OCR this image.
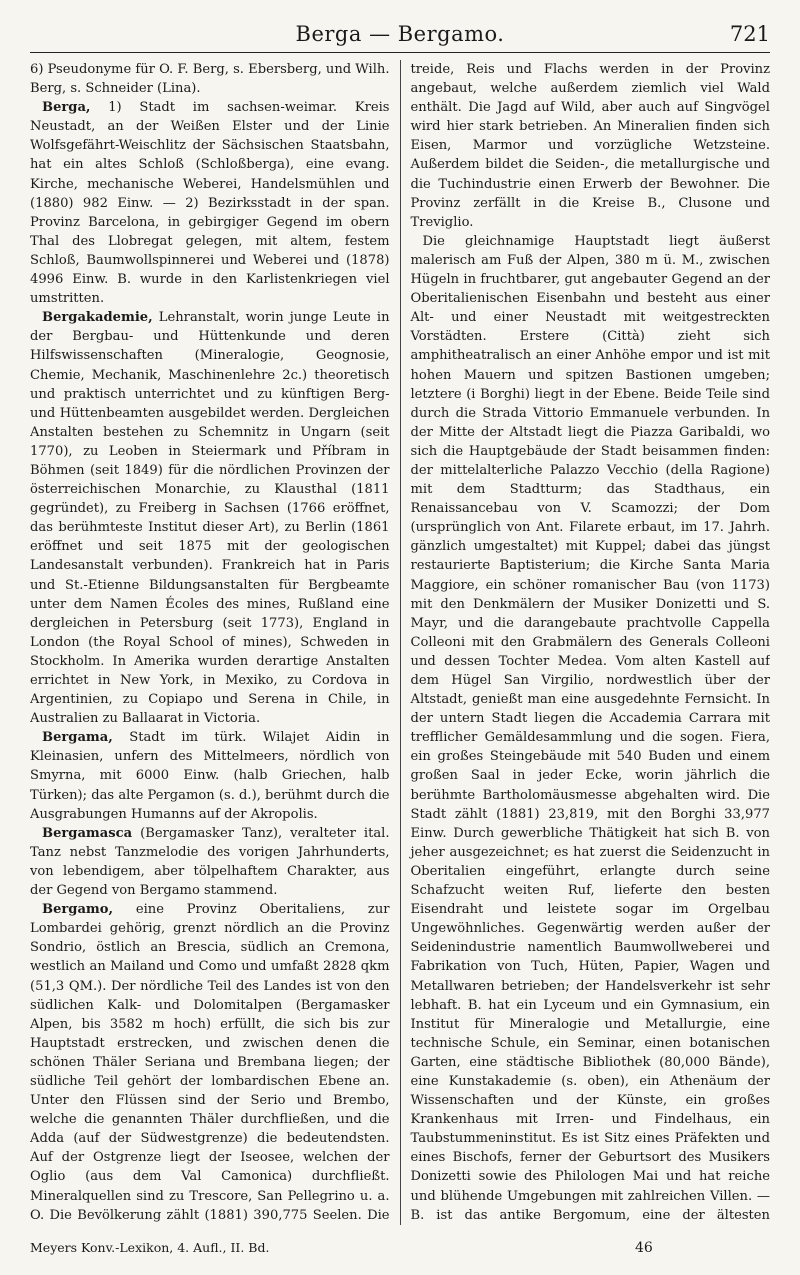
Berga — Bergamo.	721

6) Pseudonyme für O. F. Berg, s. Ebersberg, und Wilh. Berg, s. Schneider (Lina).

Berga, 1) Stadt im sachsen-weimar. Kreis Neustadt, an der Weißen Elster und der Linie Wolfsgefährt-Weischlitz der Sächsischen Staatsbahn, hat ein altes Schloß (Schloßberga), eine evang. Kirche, mechanische Weberei, Handelsmühlen und (1880) 982 Einw. — 2) Bezirksstadt in der span. Provinz Barcelona, in gebirgiger Gegend im obern Thal des Llobregat gelegen, mit altem, festem Schloß, Baumwollspinnerei und Weberei und (1878) 4996 Einw. B. wurde in den Karlistenkriegen viel umstritten.

Bergakademie, Lehranstalt, worin junge Leute in der Bergbau- und Hüttenkunde und deren Hilfswissenschaften (Mineralogie, Geognosie, Chemie, Mechanik, Maschinenlehre 2c.) theoretisch und praktisch unterrichtet und zu künftigen Berg- und Hüttenbeamten ausgebildet werden. Dergleichen Anstalten bestehen zu Schemnitz in Ungarn (seit 1770), zu Leoben in Steiermark und Příbram in Böhmen (seit 1849) für die nördlichen Provinzen der österreichischen Monarchie, zu Klausthal (1811 gegründet), zu Freiberg in Sachsen (1766 eröffnet, das berühmteste Institut dieser Art), zu Berlin (1861 eröffnet und seit 1875 mit der geologischen Landesanstalt verbunden). Frankreich hat in Paris und St.-Etienne Bildungsanstalten für Bergbeamte unter dem Namen Écoles des mines, Rußland eine dergleichen in Petersburg (seit 1773), England in London (the Royal School of mines), Schweden in Stockholm. In Amerika wurden derartige Anstalten errichtet in New York, in Mexiko, zu Cordova in Argentinien, zu Copiapo und Serena in Chile, in Australien zu Ballaarat in Victoria.

Bergama, Stadt im türk. Wilajet Aidin in Kleinasien, unfern des Mittelmeers, nördlich von Smyrna, mit 6000 Einw. (halb Griechen, halb Türken); das alte Pergamon (s. d.), berühmt durch die Ausgrabungen Humanns auf der Akropolis.

Bergamasca (Bergamasker Tanz), veralteter ital. Tanz nebst Tanzmelodie des vorigen Jahrhunderts, von lebendigem, aber tölpelhaftem Charakter, aus der Gegend von Bergamo stammend.

Bergamo, eine Provinz Oberitaliens, zur Lombardei gehörig, grenzt nördlich an die Provinz Sondrio, östlich an Brescia, südlich an Cremona, westlich an Mailand und Como und umfaßt 2828 qkm (51,3 QM.). Der nördliche Teil des Landes ist von den südlichen Kalk- und Dolomitalpen (Bergamasker Alpen, bis 3582 m hoch) erfüllt, die sich bis zur Hauptstadt erstrecken, und zwischen denen die schönen Thäler Seriana und Brembana liegen; der südliche Teil gehört der lombardischen Ebene an. Unter den Flüssen sind der Serio und Brembo, welche die genannten Thäler durchfließen, und die Adda (auf der Südwestgrenze) die bedeutendsten. Auf der Ostgrenze liegt der Iseosee, welchen der Oglio (aus dem Val Camonica) durchfließt. Mineralquellen sind zu Trescore, San Pellegrino u. a. O. Die Bevölkerung zählt (1881) 390,775 Seelen. Die

treide, Reis und Flachs werden in der Provinz angebaut, welche außerdem ziemlich viel Wald enthält. Die Jagd auf Wild, aber auch auf Singvögel wird hier stark betrieben. An Mineralien finden sich Eisen, Marmor und vorzügliche Wetzsteine. Außerdem bildet die Seiden-, die metallurgische und die Tuchindustrie einen Erwerb der Bewohner. Die Provinz zerfällt in die Kreise B., Clusone und Treviglio.

Die gleichnamige Hauptstadt liegt äußerst malerisch am Fuß der Alpen, 380 m ü. M., zwischen Hügeln in fruchtbarer, gut angebauter Gegend an der Oberitalienischen Eisenbahn und besteht aus einer Alt- und einer Neustadt mit weitgestreckten Vorstädten. Erstere (Città) zieht sich amphitheatralisch an einer Anhöhe empor und ist mit hohen Mauern und spitzen Bastionen umgeben; letztere (i Borghi) liegt in der Ebene. Beide Teile sind durch die Strada Vittorio Emmanuele verbunden. In der Mitte der Altstadt liegt die Piazza Garibaldi, wo sich die Hauptgebäude der Stadt beisammen finden: der mittelalterliche Palazzo Vecchio (della Ragione) mit dem Stadtturm; das Stadthaus, ein Renaissancebau von V. Scamozzi; der Dom (ursprünglich von Ant. Filarete erbaut, im 17. Jahrh. gänzlich umgestaltet) mit Kuppel; dabei das jüngst restaurierte Baptisterium; die Kirche Santa Maria Maggiore, ein schöner romanischer Bau (von 1173) mit den Denkmälern der Musiker Donizetti und S. Mayr, und die darangebaute prachtvolle Cappella Colleoni mit den Grabmälern des Generals Colleoni und dessen Tochter Medea. Vom alten Kastell auf dem Hügel San Virgilio, nordwestlich über der Altstadt, genießt man eine ausgedehnte Fernsicht. In der untern Stadt liegen die Accademia Carrara mit trefflicher Gemäldesammlung und die sogen. Fiera, ein großes Steingebäude mit 540 Buden und einem großen Saal in jeder Ecke, worin jährlich die berühmte Bartholomäusmesse abgehalten wird. Die Stadt zählt (1881) 23,819, mit den Borghi 33,977 Einw. Durch gewerbliche Thätigkeit hat sich B. von jeher ausgezeichnet; es hat zuerst die Seidenzucht in Oberitalien eingeführt, erlangte durch seine Schafzucht weiten Ruf, lieferte den besten Eisendraht und leistete sogar im Orgelbau Ungewöhnliches. Gegenwärtig werden außer der Seidenindustrie namentlich Baumwollweberei und Fabrikation von Tuch, Hüten, Papier, Wagen und Metallwaren betrieben; der Handelsverkehr ist sehr lebhaft. B. hat ein Lyceum und ein Gymnasium, ein Institut für Mineralogie und Metallurgie, eine technische Schule, ein Seminar, einen botanischen Garten, eine städtische Bibliothek (80,000 Bände), eine Kunstakademie (s. oben), ein Athenäum der Wissenschaften und der Künste, ein großes Krankenhaus mit Irren- und Findelhaus, ein Taubstummeninstitut. Es ist Sitz eines Präfekten und eines Bischofs, ferner der Geburtsort des Musikers Donizetti sowie des Philologen Mai und hat reiche und blühende Umgebungen mit zahlreichen Villen. — B. ist das antike Bergomum, eine der ältesten

Meyers Konv.-Lexikon, 4. Aufl., II. Bd.	46
